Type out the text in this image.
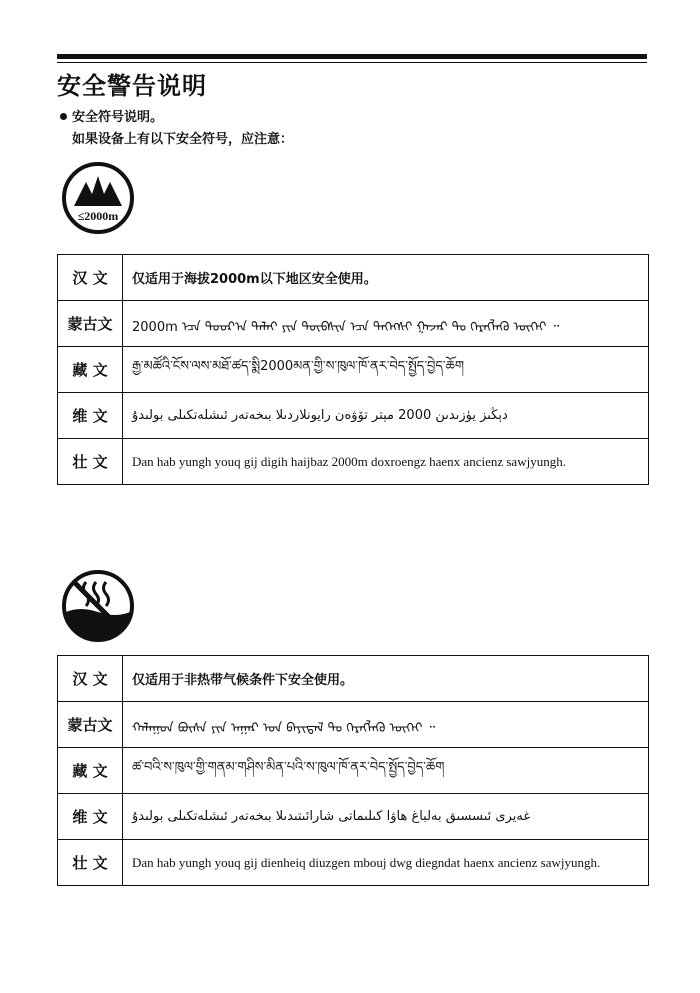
安全警告说明
安全符号说明。
如果设备上有以下安全符号，应注意：
≤2000m
汉 文	仅适用于海拔2000m以下地区安全使用。
蒙古文	2000m ᠡᠴᠡ ᠳᠣᠤᠷ᠎ᠠ ᠳᠠᠯᠠᠢ ᠶᠢᠨ ᠲᠦᠪᠰᠢᠨ ᠡᠴᠡ ᠳᠡᠭᠡᠭᠰᠢ ᠭᠠᠵᠠᠷ ᠲᠤ ᠬᠡᠷᠡᠭᠯᠡᠬᠦ ᠦᠭᠡᠢ ᠃
藏 文	རྒྱ་མཚོའི་ངོས་ལས་མཐོ་ཚད་སྨི2000མན་གྱི་ས་ཁུལ་ཁོ་ནར་བེད་སྤྱོད་བྱེད་ཆོག
维 文	دېڭىز يۈزىدىن 2000 مېتر تۆۋەن رايونلاردىلا بىخەتەر ئىشلەتكىلى بولىدۇ
壮 文	Dan hab yungh youq gij digih haijbaz 2000m doxroengz haenx ancienz sawjyungh.
汉 文	仅适用于非热带气候条件下安全使用。
蒙古文	ᠬᠠᠯᠠᠭᠤᠨ ᠪᠦᠰᠡ ᠶᠢᠨ ᠠᠭᠠᠷ ᠤᠨ ᠪᠠᠶᠢᠳᠠᠯ ᠲᠤ ᠬᠡᠷᠡᠭᠯᠡᠬᠦ ᠦᠭᠡᠢ ᠃
藏 文	ཚ་བའི་ས་ཁུལ་གྱི་གནམ་གཤིས་མིན་པའི་ས་ཁུལ་ཁོ་ནར་བེད་སྤྱོད་བྱེད་ཆོག
维 文	غەيرى ئىسسىق بەلباغ ھاۋا كىلىماتى شارائىتىدىلا بىخەتەر ئىشلەتكىلى بولىدۇ
壮 文	Dan hab yungh youq gij dienheiq diuzgen mbouj dwg diegndat haenx ancienz sawjyungh.
